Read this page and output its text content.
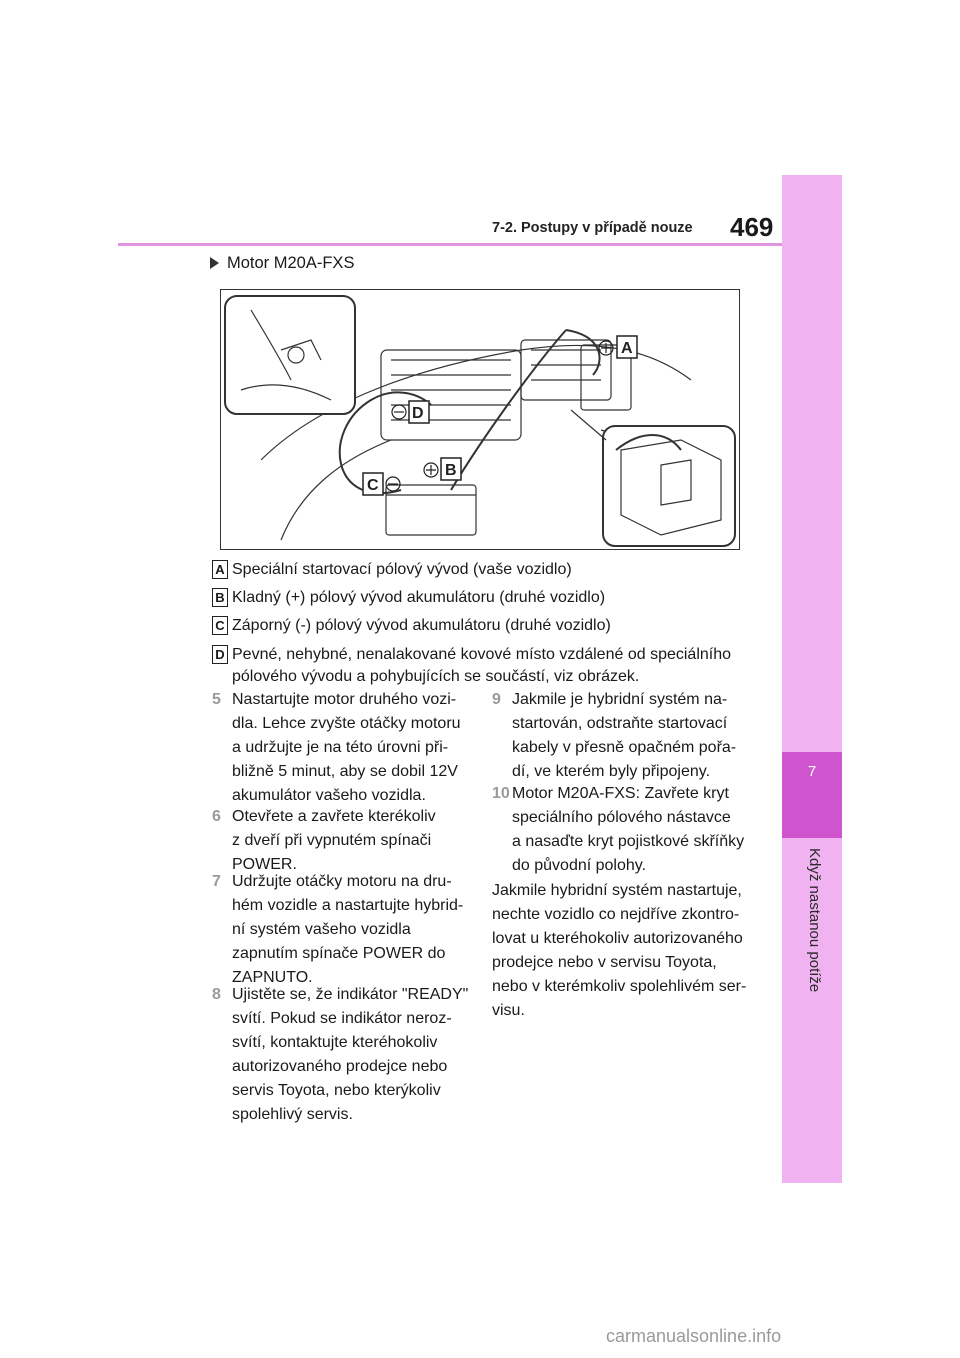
7
Když nastanou potíže
7-2. Postupy v případě nouze 469
Motor M20A-FXS
A
B
C
D
A Speciální startovací pólový vývod (vaše vozidlo)
B Kladný (+) pólový vývod akumulátoru (druhé vozidlo)
C Záporný (-) pólový vývod akumulátoru (druhé vozidlo)
D Pevné, nehybné, nenalakované kovové místo vzdálené od speciálního pólového vývodu a pohybujících se součástí, viz obrázek.
5 Nastartujte motor druhého vozi-
dla. Lehce zvyšte otáčky motoru
a udržujte je na této úrovni při-
bližně 5 minut, aby se dobil 12V
akumulátor vašeho vozidla.
6 Otevřete a zavřete kterékoliv
z dveří při vypnutém spínači
POWER.
7 Udržujte otáčky motoru na dru-
hém vozidle a nastartujte hybrid-
ní systém vašeho vozidla
zapnutím spínače POWER do
ZAPNUTO.
8 Ujistěte se, že indikátor "READY"
svítí. Pokud se indikátor neroz-
svítí, kontaktujte kteréhokoliv
autorizovaného prodejce nebo
servis Toyota, nebo kterýkoliv
spolehlivý servis.
9 Jakmile je hybridní systém na-
startován, odstraňte startovací
kabely v přesně opačném pořa-
dí, ve kterém byly připojeny.
10 Motor M20A-FXS: Zavřete kryt
speciálního pólového nástavce
a nasaďte kryt pojistkové skříňky
do původní polohy.
Jakmile hybridní systém nastartuje,
nechte vozidlo co nejdříve zkontro-
lovat u kteréhokoliv autorizovaného
prodejce nebo v servisu Toyota,
nebo v kterémkoliv spolehlivém ser-
visu.
carmanualsonline.info
